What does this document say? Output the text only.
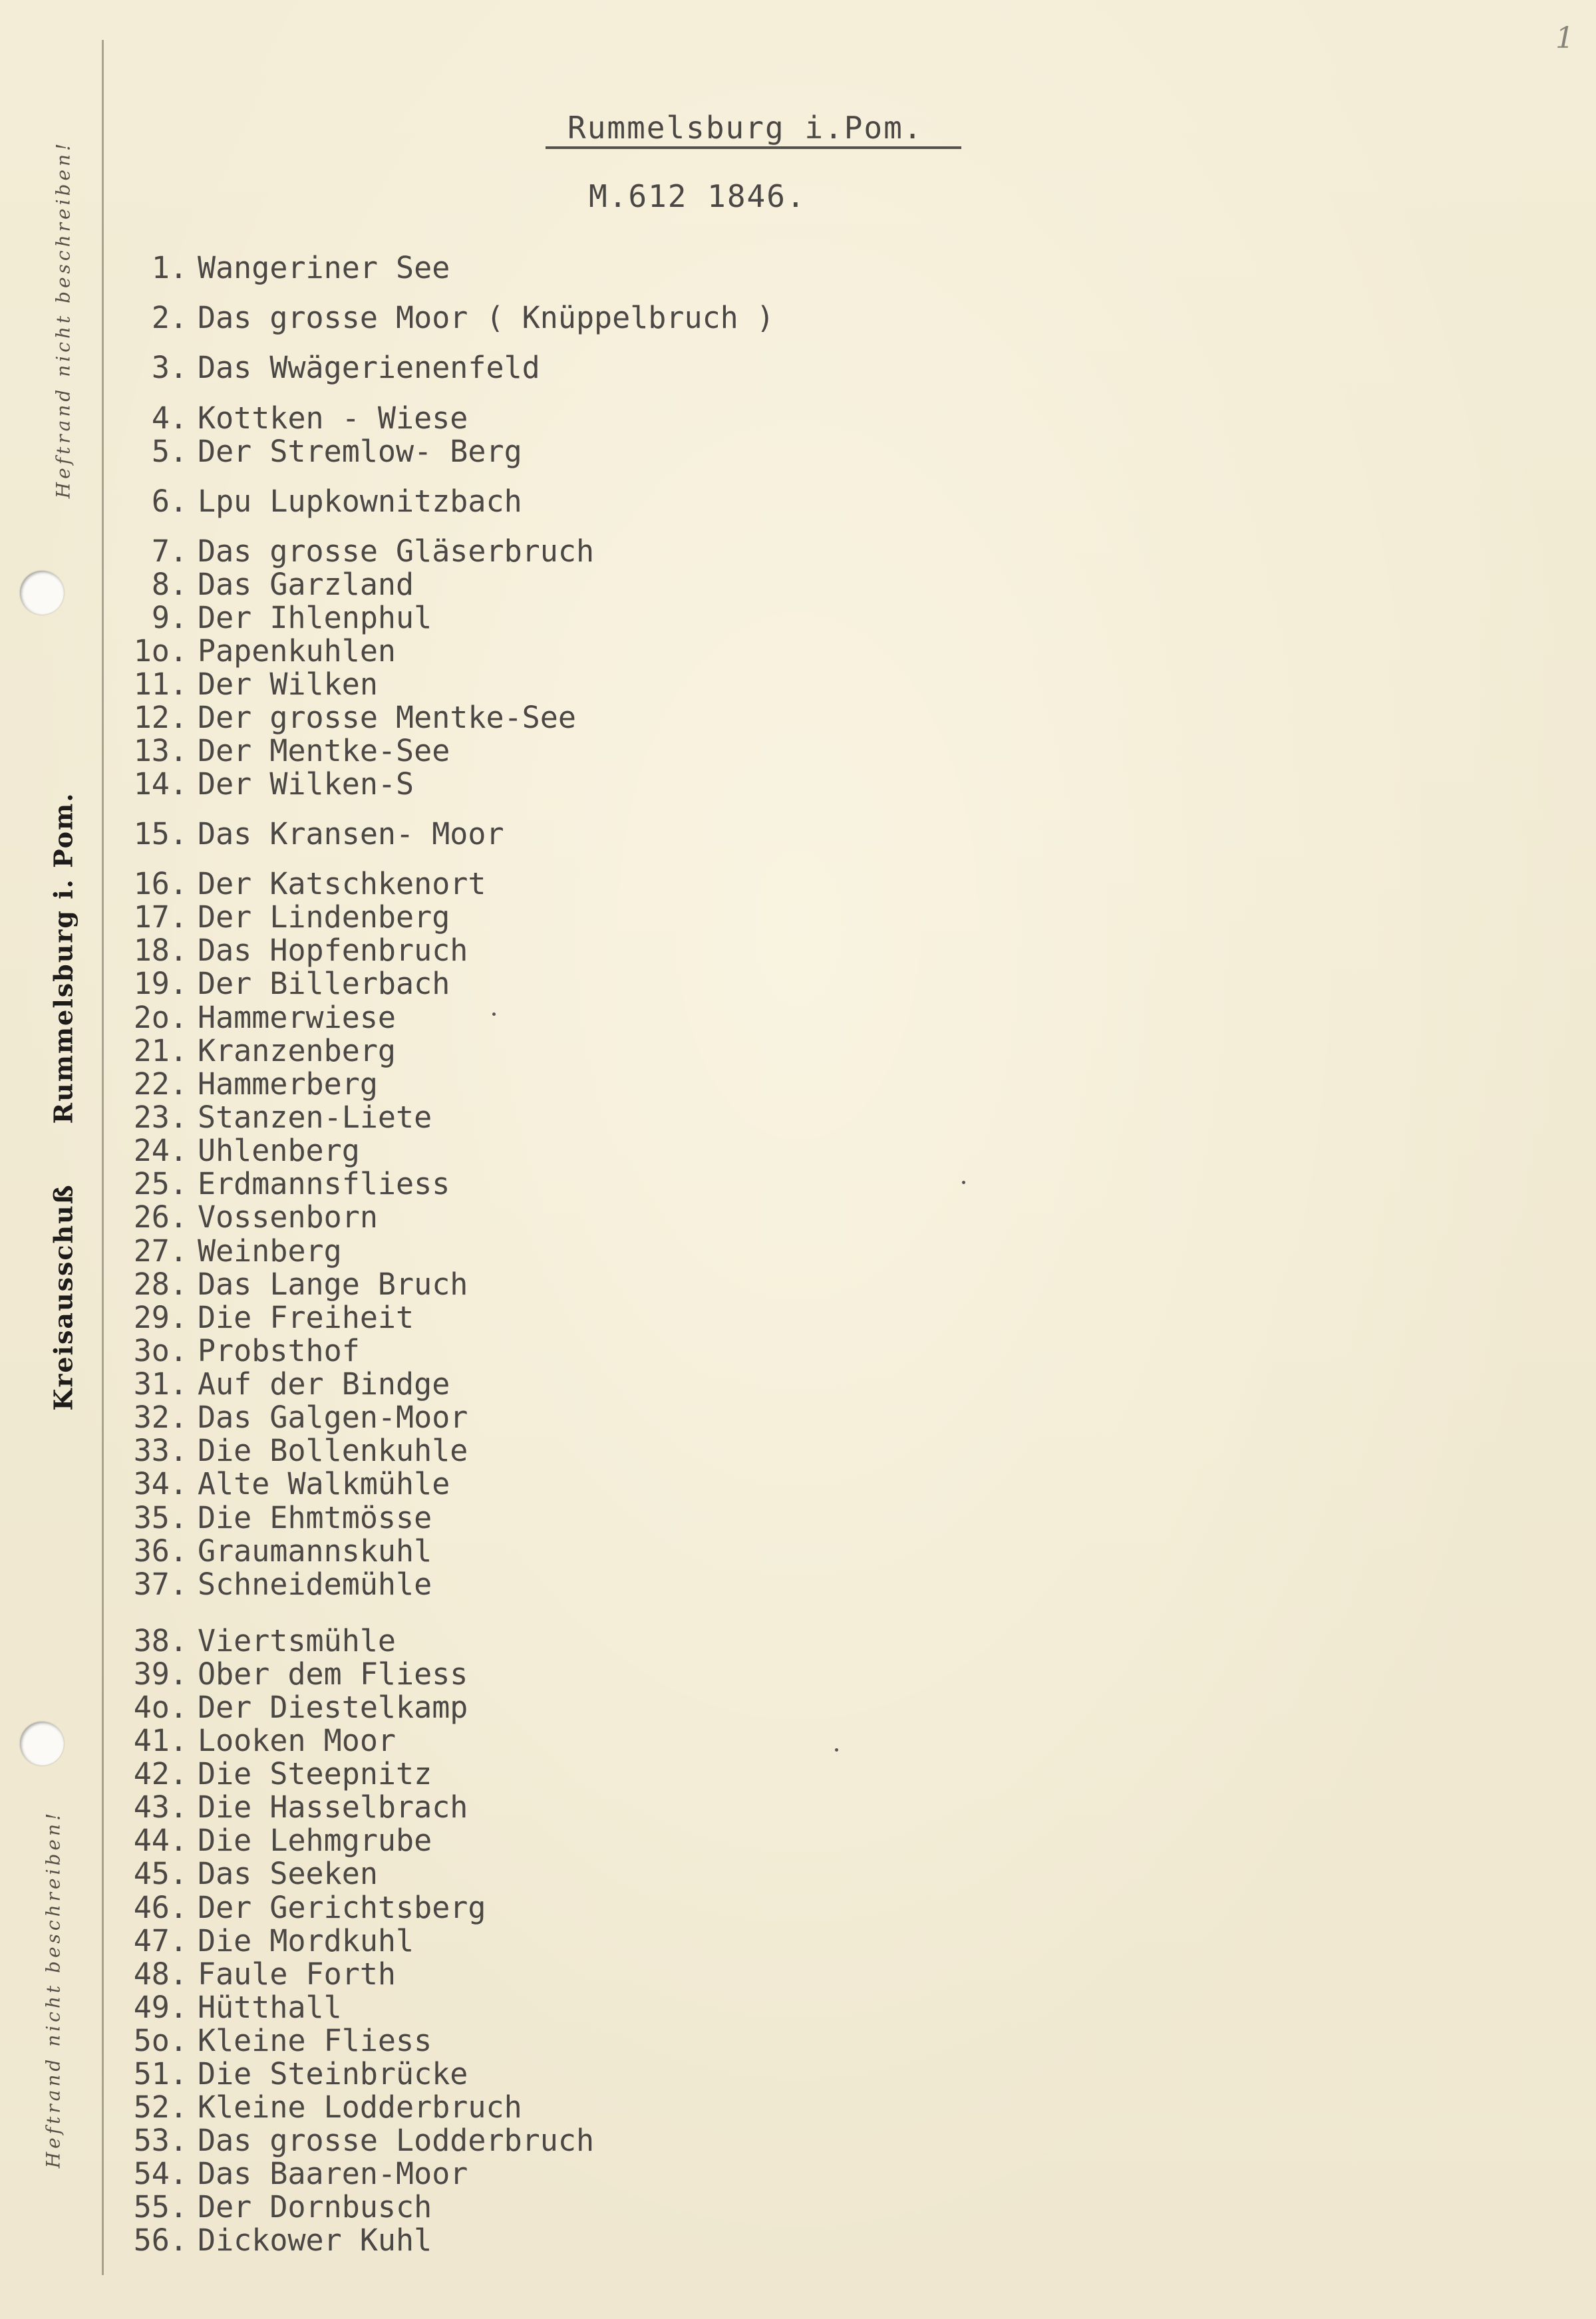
Heftrand nicht beschreiben!
Heftrand nicht beschreiben!
Rummelsburg i. Pom.
Kreisausschuß
1
Rummelsburg i.Pom.
M.612 1846.
1. Wangeriner See
2. Das grosse Moor ( Knüppelbruch )
3. Das Wwägerienenfeld
4. Kottken - Wiese
5. Der Stremlow- Berg
6. Lpu Lupkownitzbach
7. Das grosse Gläserbruch
8. Das Garzland
9. Der Ihlenphul
1o. Papenkuhlen
11. Der Wilken
12. Der grosse Mentke-See
13. Der Mentke-See
14. Der Wilken-S
15. Das Kransen- Moor
16. Der Katschkenort
17. Der Lindenberg
18. Das Hopfenbruch
19. Der Billerbach
2o. Hammerwiese
21. Kranzenberg
22. Hammerberg
23. Stanzen-Liete
24. Uhlenberg
25. Erdmannsfliess
26. Vossenborn
27. Weinberg
28. Das Lange Bruch
29. Die Freiheit
3o. Probsthof
31. Auf der Bindge
32. Das Galgen-Moor
33. Die Bollenkuhle
34. Alte Walkmühle
35. Die Ehmtmösse
36. Graumannskuhl
37. Schneidemühle
38. Viertsmühle
39. Ober dem Fliess
4o. Der Diestelkamp
41. Looken Moor
42. Die Steepnitz
43. Die Hasselbrach
44. Die Lehmgrube
45. Das Seeken
46. Der Gerichtsberg
47. Die Mordkuhl
48. Faule Forth
49. Hütthall
5o. Kleine Fliess
51. Die Steinbrücke
52. Kleine Lodderbruch
53. Das grosse Lodderbruch
54. Das Baaren-Moor
55. Der Dornbusch
56. Dickower Kuhl
